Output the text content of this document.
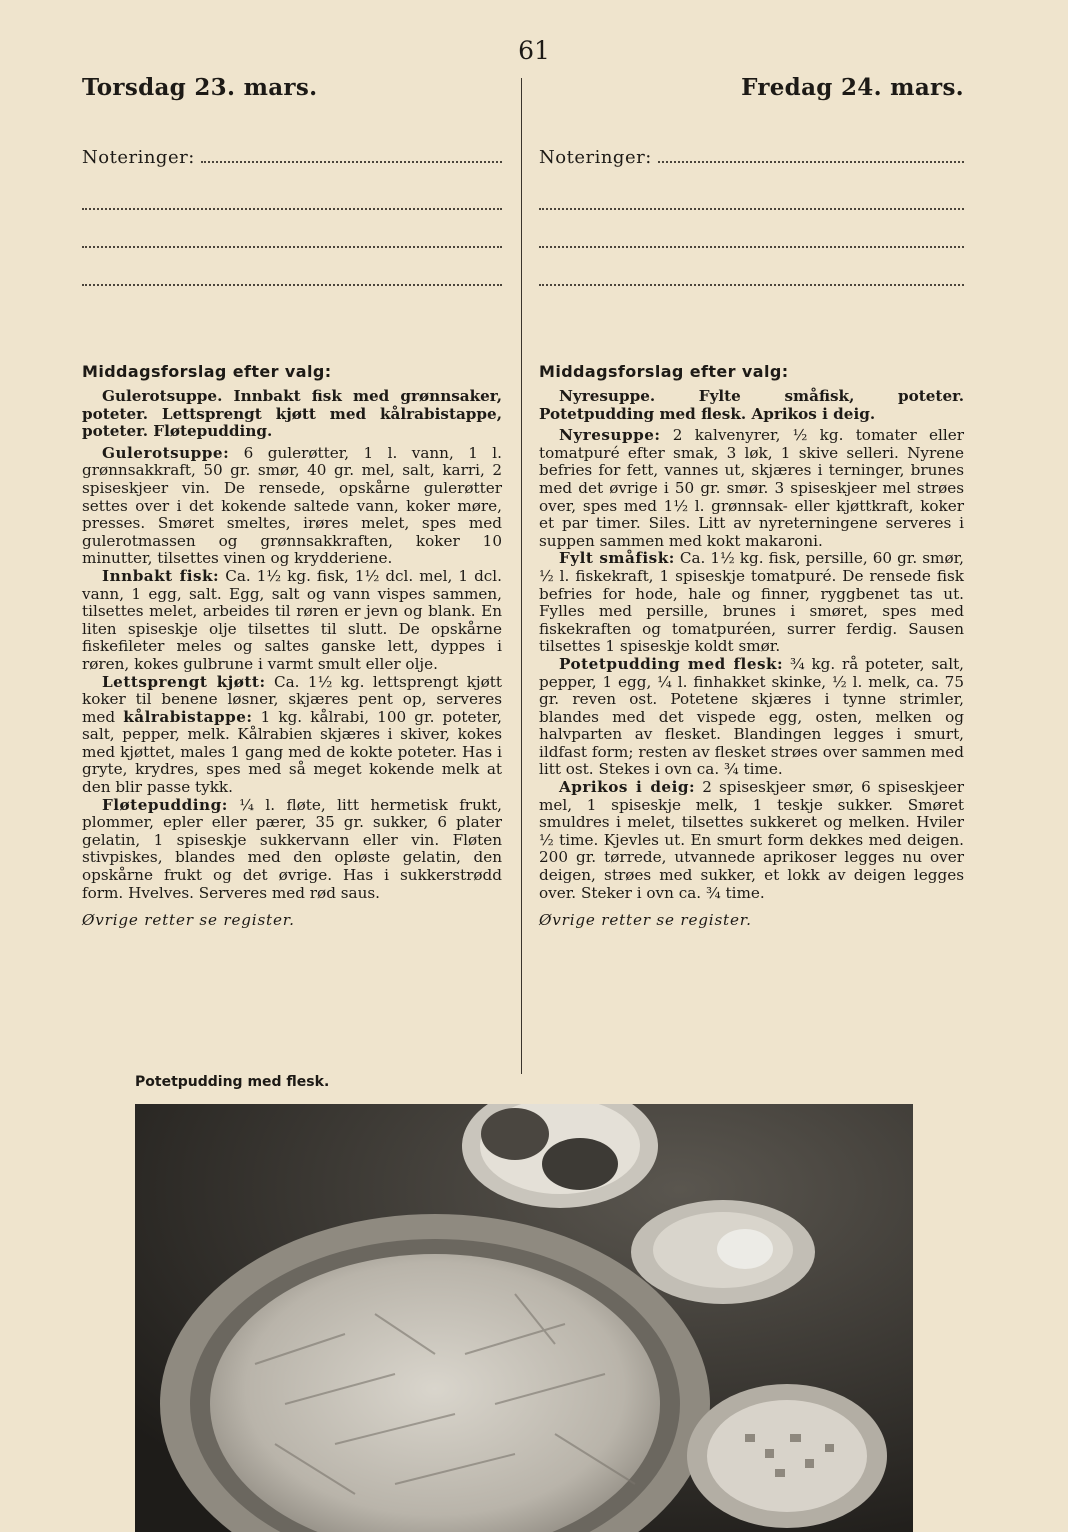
61
Torsdag 23. mars.
Noteringer:
Middagsforslag efter valg:

Gulerotsuppe. Innbakt fisk med grønnsaker, poteter. Lettsprengt kjøtt med kålrabistappe, poteter. Fløtepudding.

Gulerotsuppe: 6 gulerøtter, 1 l. vann, 1 l. grønnsakkraft, 50 gr. smør, 40 gr. mel, salt, karri, 2 spiseskjeer vin. De rensede, opskårne gulerøtter settes over i det kokende saltede vann, koker møre, presses. Smøret smeltes, irøres melet, spes med gulerotmassen og grønnsakkraften, koker 10 minutter, tilsettes vinen og krydderiene.

Innbakt fisk: Ca. 1½ kg. fisk, 1½ dcl. mel, 1 dcl. vann, 1 egg, salt. Egg, salt og vann vispes sammen, tilsettes melet, arbeides til røren er jevn og blank. En liten spiseskje olje tilsettes til slutt. De opskårne fiskefileter meles og saltes ganske lett, dyppes i røren, kokes gulbrune i varmt smult eller olje.

Lettsprengt kjøtt: Ca. 1½ kg. lettsprengt kjøtt koker til benene løsner, skjæres pent op, serveres med kålrabistappe: 1 kg. kålrabi, 100 gr. poteter, salt, pepper, melk. Kålrabien skjæres i skiver, kokes med kjøttet, males 1 gang med de kokte poteter. Has i gryte, krydres, spes med så meget kokende melk at den blir passe tykk.

Fløtepudding: ¼ l. fløte, litt hermetisk frukt, plommer, epler eller pærer, 35 gr. sukker, 6 plater gelatin, 1 spiseskje sukkervann eller vin. Fløten stivpiskes, blandes med den opløste gelatin, den opskårne frukt og det øvrige. Has i sukkerstrødd form. Hvelves. Serveres med rød saus.

Øvrige retter se register.

Fredag 24. mars.
Noteringer:
Middagsforslag efter valg:

Nyresuppe. Fylte småfisk, poteter. Potetpudding med flesk. Aprikos i deig.

Nyresuppe: 2 kalvenyrer, ½ kg. tomater eller tomatpuré efter smak, 3 løk, 1 skive selleri. Nyrene befries for fett, vannes ut, skjæres i terninger, brunes med det øvrige i 50 gr. smør. 3 spiseskjeer mel strøes over, spes med 1½ l. grønnsak- eller kjøttkraft, koker et par timer. Siles. Litt av nyreterningene serveres i suppen sammen med kokt makaroni.

Fylt småfisk: Ca. 1½ kg. fisk, persille, 60 gr. smør, ½ l. fiskekraft, 1 spiseskje tomatpuré. De rensede fisk befries for hode, hale og finner, ryggbenet tas ut. Fylles med persille, brunes i smøret, spes med fiskekraften og tomatpuréen, surrer ferdig. Sausen tilsettes 1 spiseskje koldt smør.

Potetpudding med flesk: ¾ kg. rå poteter, salt, pepper, 1 egg, ¼ l. finhakket skinke, ½ l. melk, ca. 75 gr. reven ost. Potetene skjæres i tynne strimler, blandes med det vispede egg, osten, melken og halvparten av flesket. Blandingen legges i smurt, ildfast form; resten av flesket strøes over sammen med litt ost. Stekes i ovn ca. ¾ time.

Aprikos i deig: 2 spiseskjeer smør, 6 spiseskjeer mel, 1 spiseskje melk, 1 teskje sukker. Smøret smuldres i melet, tilsettes sukkeret og melken. Hviler ½ time. Kjevles ut. En smurt form dekkes med deigen. 200 gr. tørrede, utvannede aprikoser legges nu over deigen, strøes med sukker, et lokk av deigen legges over. Steker i ovn ca. ¾ time.

Øvrige retter se register.

Potetpudding med flesk.
